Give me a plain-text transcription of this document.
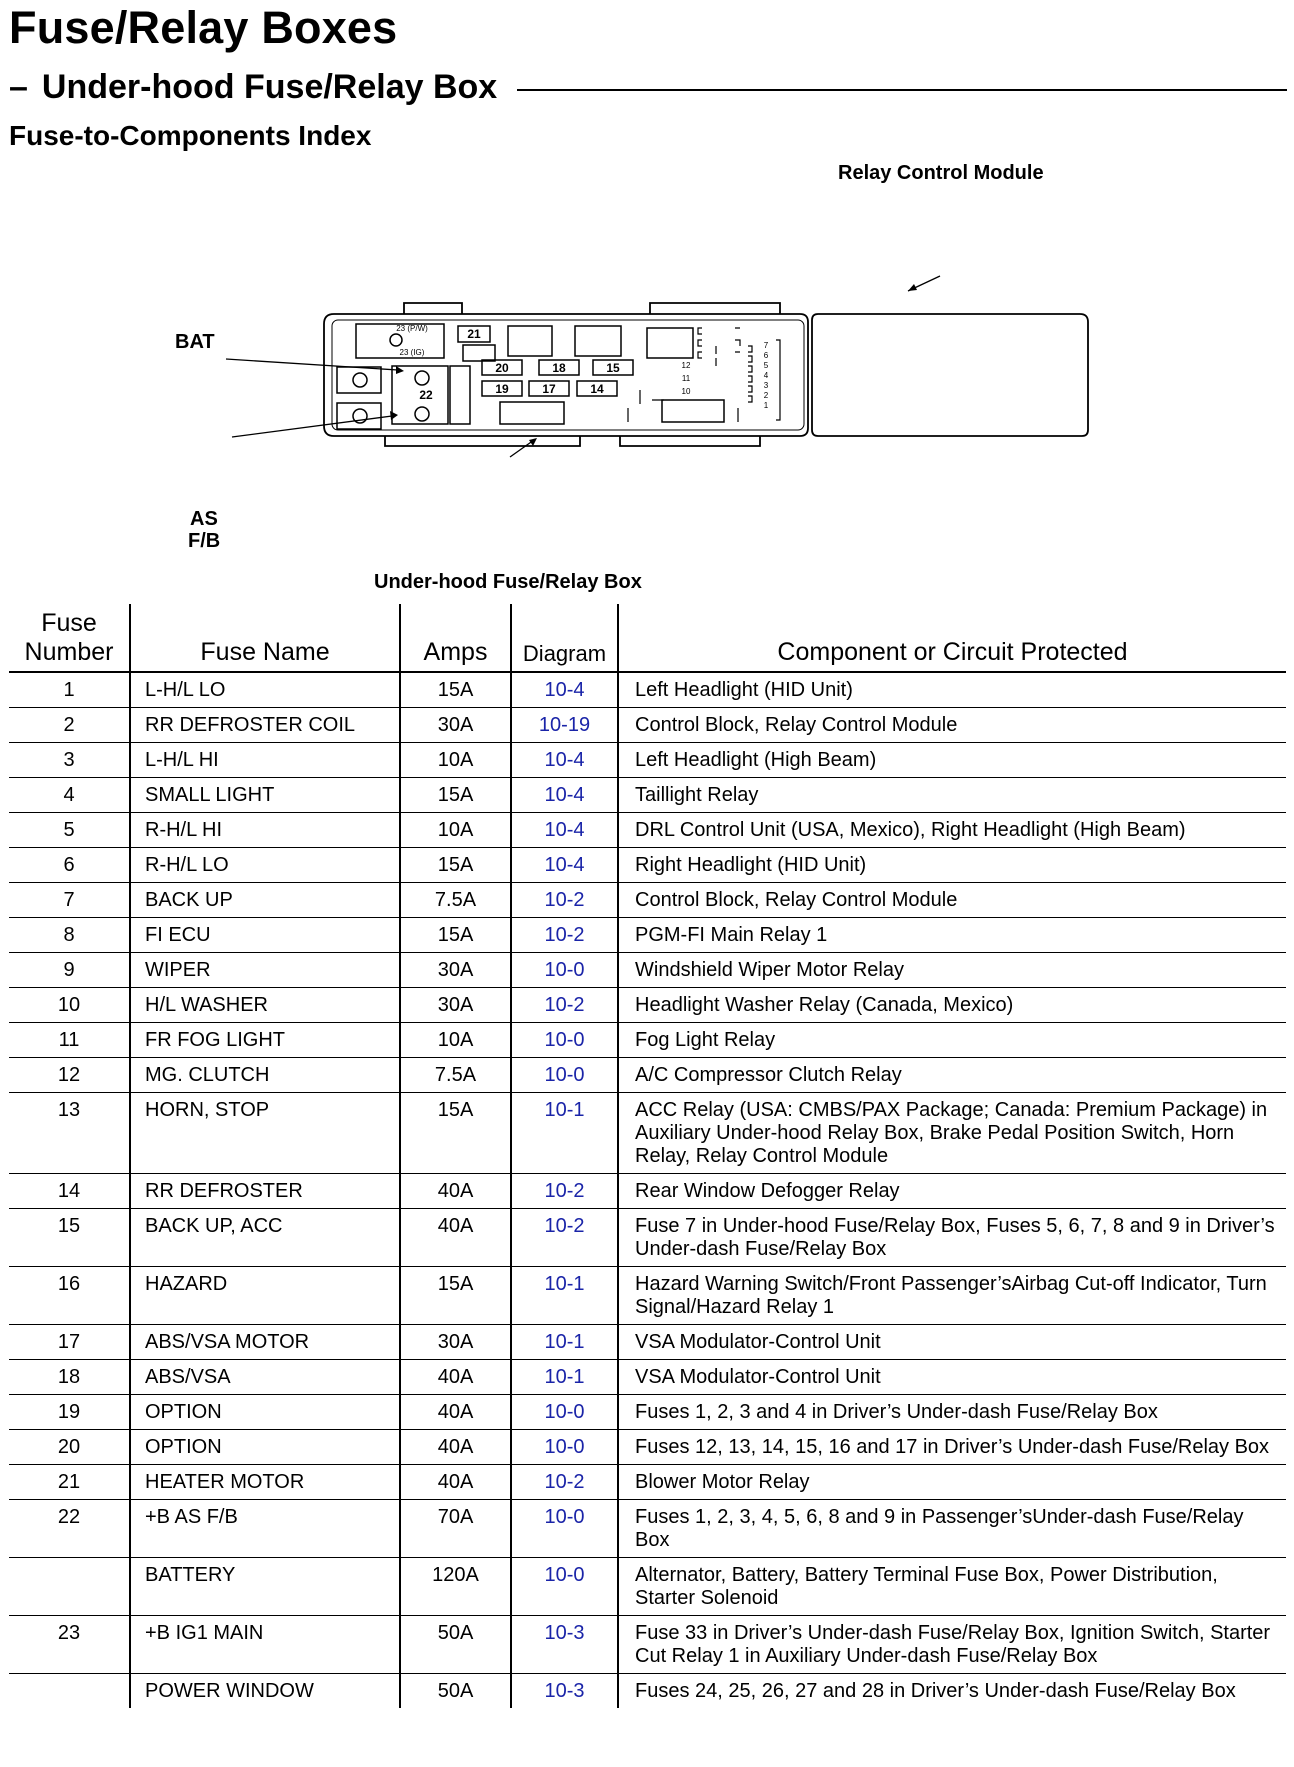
Fuse/Relay Boxes
– Under-hood Fuse/Relay Box
Fuse-to-Components Index
21
20	18	15
19	17	14
22
23 (P/W)
23 (IG)
12
11
10
7
6
5
4
3
2
1
Relay Control Module
BAT
AS
F/B
Under-hood Fuse/Relay Box
Fuse
Number	Fuse Name	Amps	Diagram	Component or Circuit Protected
1	L-H/L LO	15A	10-4	Left Headlight (HID Unit)
2	RR DEFROSTER COIL	30A	10-19	Control Block, Relay Control Module
3	L-H/L HI	10A	10-4	Left Headlight (High Beam)
4	SMALL LIGHT	15A	10-4	Taillight Relay
5	R-H/L HI	10A	10-4	DRL Control Unit (USA, Mexico), Right Headlight (High Beam)
6	R-H/L LO	15A	10-4	Right Headlight (HID Unit)
7	BACK UP	7.5A	10-2	Control Block, Relay Control Module
8	FI ECU	15A	10-2	PGM-FI Main Relay 1
9	WIPER	30A	10-0	Windshield Wiper Motor Relay
10	H/L WASHER	30A	10-2	Headlight Washer Relay (Canada, Mexico)
11	FR FOG LIGHT	10A	10-0	Fog Light Relay
12	MG. CLUTCH	7.5A	10-0	A/C Compressor Clutch Relay
13	HORN, STOP	15A	10-1	ACC Relay (USA: CMBS/PAX Package; Canada: Premium Package) in Auxiliary Under-hood Relay Box, Brake Pedal Position Switch, Horn Relay, Relay Control Module
14	RR DEFROSTER	40A	10-2	Rear Window Defogger Relay
15	BACK UP, ACC	40A	10-2	Fuse 7 in Under-hood Fuse/Relay Box, Fuses 5, 6, 7, 8 and 9 in Driver’s Under-dash Fuse/Relay Box
16	HAZARD	15A	10-1	Hazard Warning Switch/Front Passenger’sAirbag Cut-off Indicator, Turn Signal/Hazard Relay 1
17	ABS/VSA MOTOR	30A	10-1	VSA Modulator-Control Unit
18	ABS/VSA	40A	10-1	VSA Modulator-Control Unit
19	OPTION	40A	10-0	Fuses 1, 2, 3 and 4 in Driver’s Under-dash Fuse/Relay Box
20	OPTION	40A	10-0	Fuses 12, 13, 14, 15, 16 and 17 in Driver’s Under-dash Fuse/Relay Box
21	HEATER MOTOR	40A	10-2	Blower Motor Relay
22	+B AS F/B	70A	10-0	Fuses 1, 2, 3, 4, 5, 6, 8 and 9 in Passenger’sUnder-dash Fuse/Relay Box
	BATTERY	120A	10-0	Alternator, Battery, Battery Terminal Fuse Box, Power Distribution, Starter Solenoid
23	+B IG1 MAIN	50A	10-3	Fuse 33 in Driver’s Under-dash Fuse/Relay Box, Ignition Switch, Starter Cut Relay 1 in Auxiliary Under-dash Fuse/Relay Box
	POWER WINDOW	50A	10-3	Fuses 24, 25, 26, 27 and 28 in Driver’s Under-dash Fuse/Relay Box
